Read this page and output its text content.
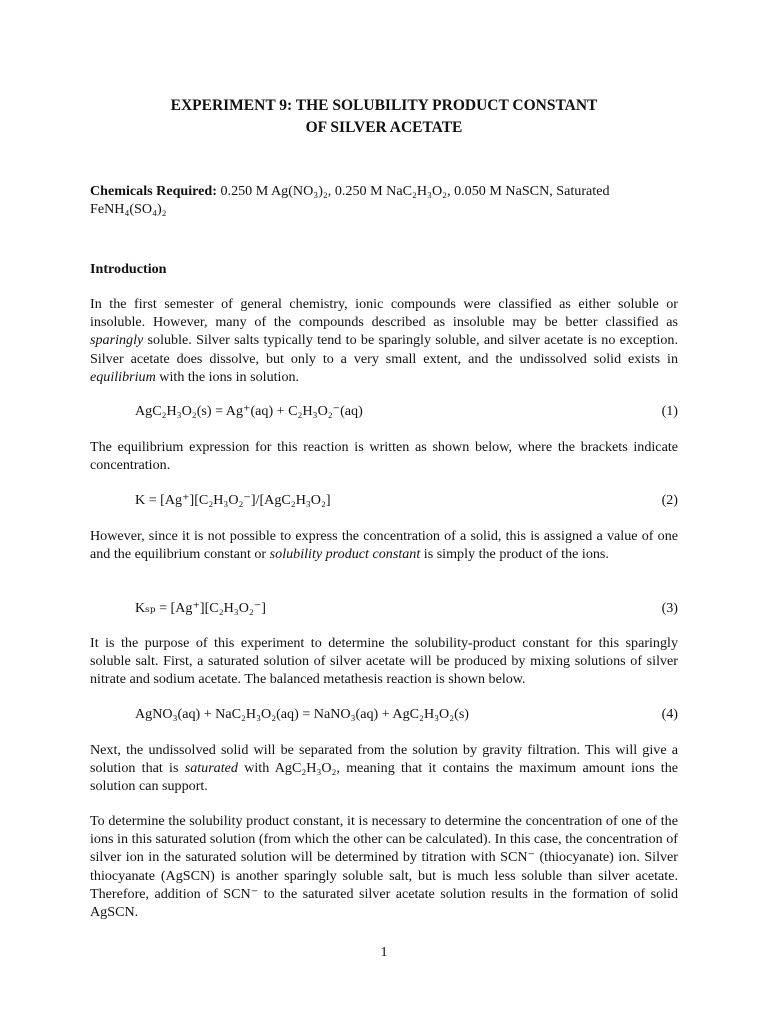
EXPERIMENT 9: THE SOLUBILITY PRODUCT CONSTANT
OF SILVER ACETATE
Chemicals Required: 0.250 M Ag(NO₃)₂, 0.250 M NaC₂H₃O₂, 0.050 M NaSCN, Saturated FeNH₄(SO₄)₂
Introduction
In the first semester of general chemistry, ionic compounds were classified as either soluble or insoluble. However, many of the compounds described as insoluble may be better classified as sparingly soluble. Silver salts typically tend to be sparingly soluble, and silver acetate is no exception. Silver acetate does dissolve, but only to a very small extent, and the undissolved solid exists in equilibrium with the ions in solution.
AgC₂H₃O₂(s) = Ag⁺(aq) + C₂H₃O₂⁻(aq)	(1)
The equilibrium expression for this reaction is written as shown below, where the brackets indicate concentration.
K = [Ag⁺][C₂H₃O₂⁻]/[AgC₂H₃O₂]	(2)
However, since it is not possible to express the concentration of a solid, this is assigned a value of one and the equilibrium constant or solubility product constant is simply the product of the ions.
Kₛₚ = [Ag⁺][C₂H₃O₂⁻]	(3)
It is the purpose of this experiment to determine the solubility-product constant for this sparingly soluble salt. First, a saturated solution of silver acetate will be produced by mixing solutions of silver nitrate and sodium acetate. The balanced metathesis reaction is shown below.
AgNO₃(aq) + NaC₂H₃O₂(aq) = NaNO₃(aq) + AgC₂H₃O₂(s)	(4)
Next, the undissolved solid will be separated from the solution by gravity filtration. This will give a solution that is saturated with AgC₂H₃O₂, meaning that it contains the maximum amount ions the solution can support.
To determine the solubility product constant, it is necessary to determine the concentration of one of the ions in this saturated solution (from which the other can be calculated). In this case, the concentration of silver ion in the saturated solution will be determined by titration with SCN⁻ (thiocyanate) ion. Silver thiocyanate (AgSCN) is another sparingly soluble salt, but is much less soluble than silver acetate. Therefore, addition of SCN⁻ to the saturated silver acetate solution results in the formation of solid AgSCN.
1
